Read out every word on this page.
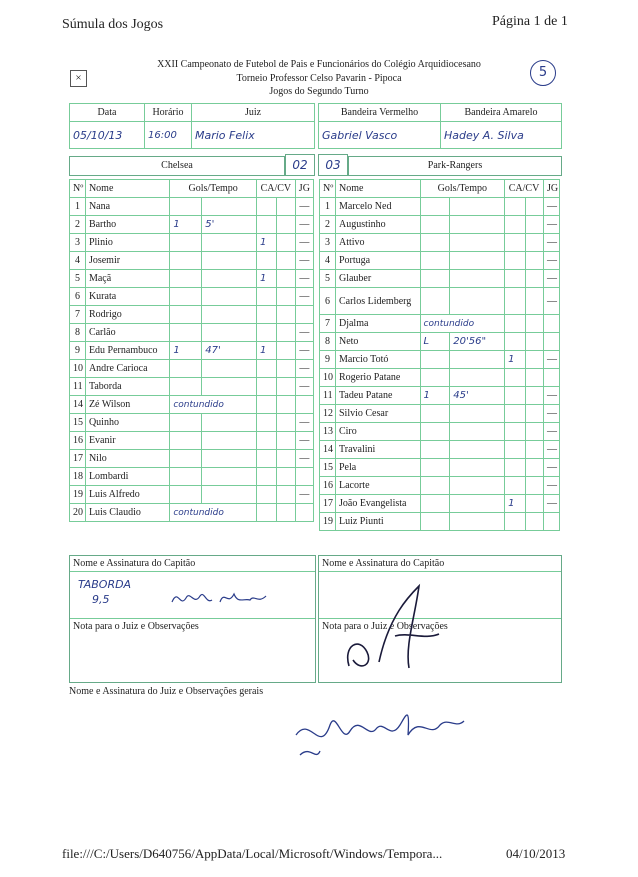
Súmula dos Jogos	Página 1 de 1
×
XXII Campeonato de Futebol de Pais e Funcionários do Colégio Arquidiocesano
Torneio Professor Celso Pavarin - Pipoca
Jogos do Segundo Turno
5
Data	Horário	Juiz
05/10/13	16:00	Mario Felix
Bandeira Vermelho	Bandeira Amarelo
Gabriel Vasco	Hadey A. Silva
Chelsea	02	03	Park-Rangers
Nº	Nome	Gols/Tempo		CA/CV		JG
1	Nana					—
2	Bartho	1	5'			—
3	Plinio			1		—
4	Josemir					—
5	Maçã			1		—
6	Kurata					—
7	Rodrigo					
8	Carlão					—
9	Edu Pernambuco	1	47'	1		—
10	Andre Carioca					—
11	Taborda					—
14	Zé Wilson	contundido				
15	Quinho					—
16	Evanir					—
17	Nilo					—
18	Lombardi					
19	Luis Alfredo					—
20	Luis Claudio	contundido				
Nº	Nome	Gols/Tempo		CA/CV		JG
1	Marcelo Ned					—
2	Augustinho					—
3	Attivo					—
4	Portuga					—
5	Glauber					—
6	Carlos Lidemberg					—
7	Djalma	contundido				
8	Neto	L	20'56"			
9	Marcio Totó			1		—
10	Rogerio Patane					
11	Tadeu Patane	1	45'			—
12	Silvio Cesar					—
13	Ciro					—
14	Travalini					—
15	Pela					—
16	Lacorte					—
17	João Evangelista			1		—
19	Luiz Piunti					
Nome e Assinatura do Capitão
TABORDA
9,5
Nota para o Juiz e Observações
Nome e Assinatura do Capitão
Nota para o Juiz e Observações
Nome e Assinatura do Juiz e Observações gerais
file:///C:/Users/D640756/AppData/Local/Microsoft/Windows/Tempora...	04/10/2013
